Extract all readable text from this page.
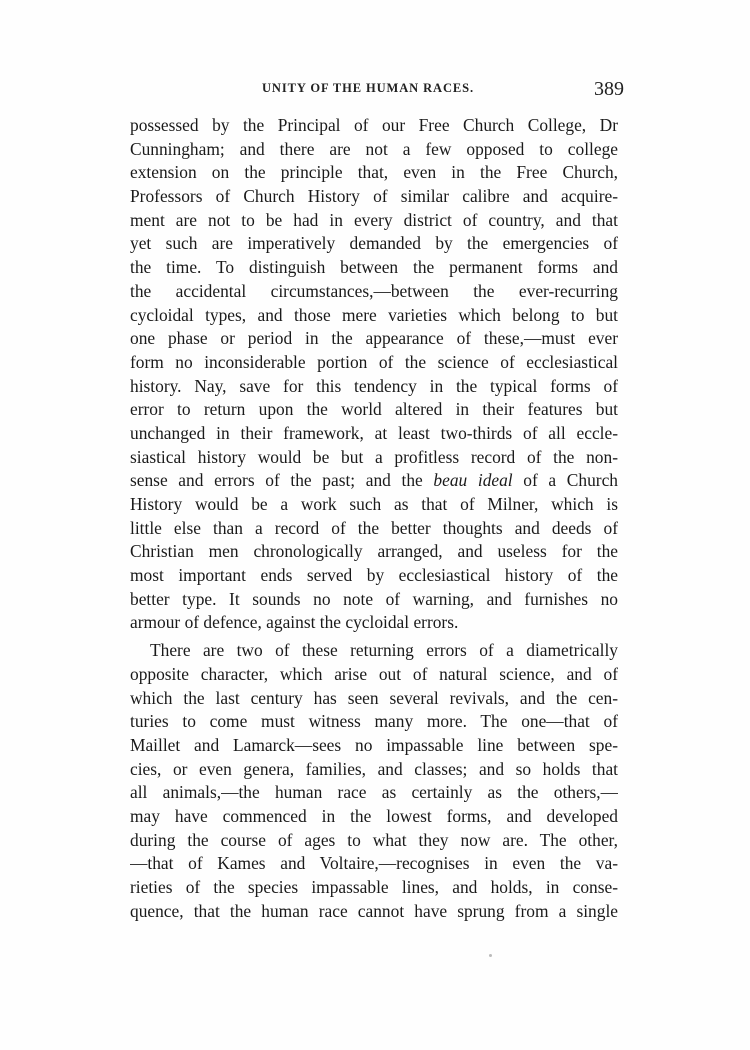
UNITY OF THE HUMAN RACES.	389
possessed by the Principal of our Free Church College, Dr
Cunningham; and there are not a few opposed to college
extension on the principle that, even in the Free Church,
Professors of Church History of similar calibre and acquire-
ment are not to be had in every district of country, and that
yet such are imperatively demanded by the emergencies of
the time. To distinguish between the permanent forms and
the accidental circumstances,—between the ever-recurring
cycloidal types, and those mere varieties which belong to but
one phase or period in the appearance of these,—must ever
form no inconsiderable portion of the science of ecclesiastical
history. Nay, save for this tendency in the typical forms of
error to return upon the world altered in their features but
unchanged in their framework, at least two-thirds of all eccle-
siastical history would be but a profitless record of the non-
sense and errors of the past; and the beau ideal of a Church
History would be a work such as that of Milner, which is
little else than a record of the better thoughts and deeds of
Christian men chronologically arranged, and useless for the
most important ends served by ecclesiastical history of the
better type. It sounds no note of warning, and furnishes no
armour of defence, against the cycloidal errors.
There are two of these returning errors of a diametrically
opposite character, which arise out of natural science, and of
which the last century has seen several revivals, and the cen-
turies to come must witness many more. The one—that of
Maillet and Lamarck—sees no impassable line between spe-
cies, or even genera, families, and classes; and so holds that
all animals,—the human race as certainly as the others,—
may have commenced in the lowest forms, and developed
during the course of ages to what they now are. The other,
—that of Kames and Voltaire,—recognises in even the va-
rieties of the species impassable lines, and holds, in conse-
quence, that the human race cannot have sprung from a single
